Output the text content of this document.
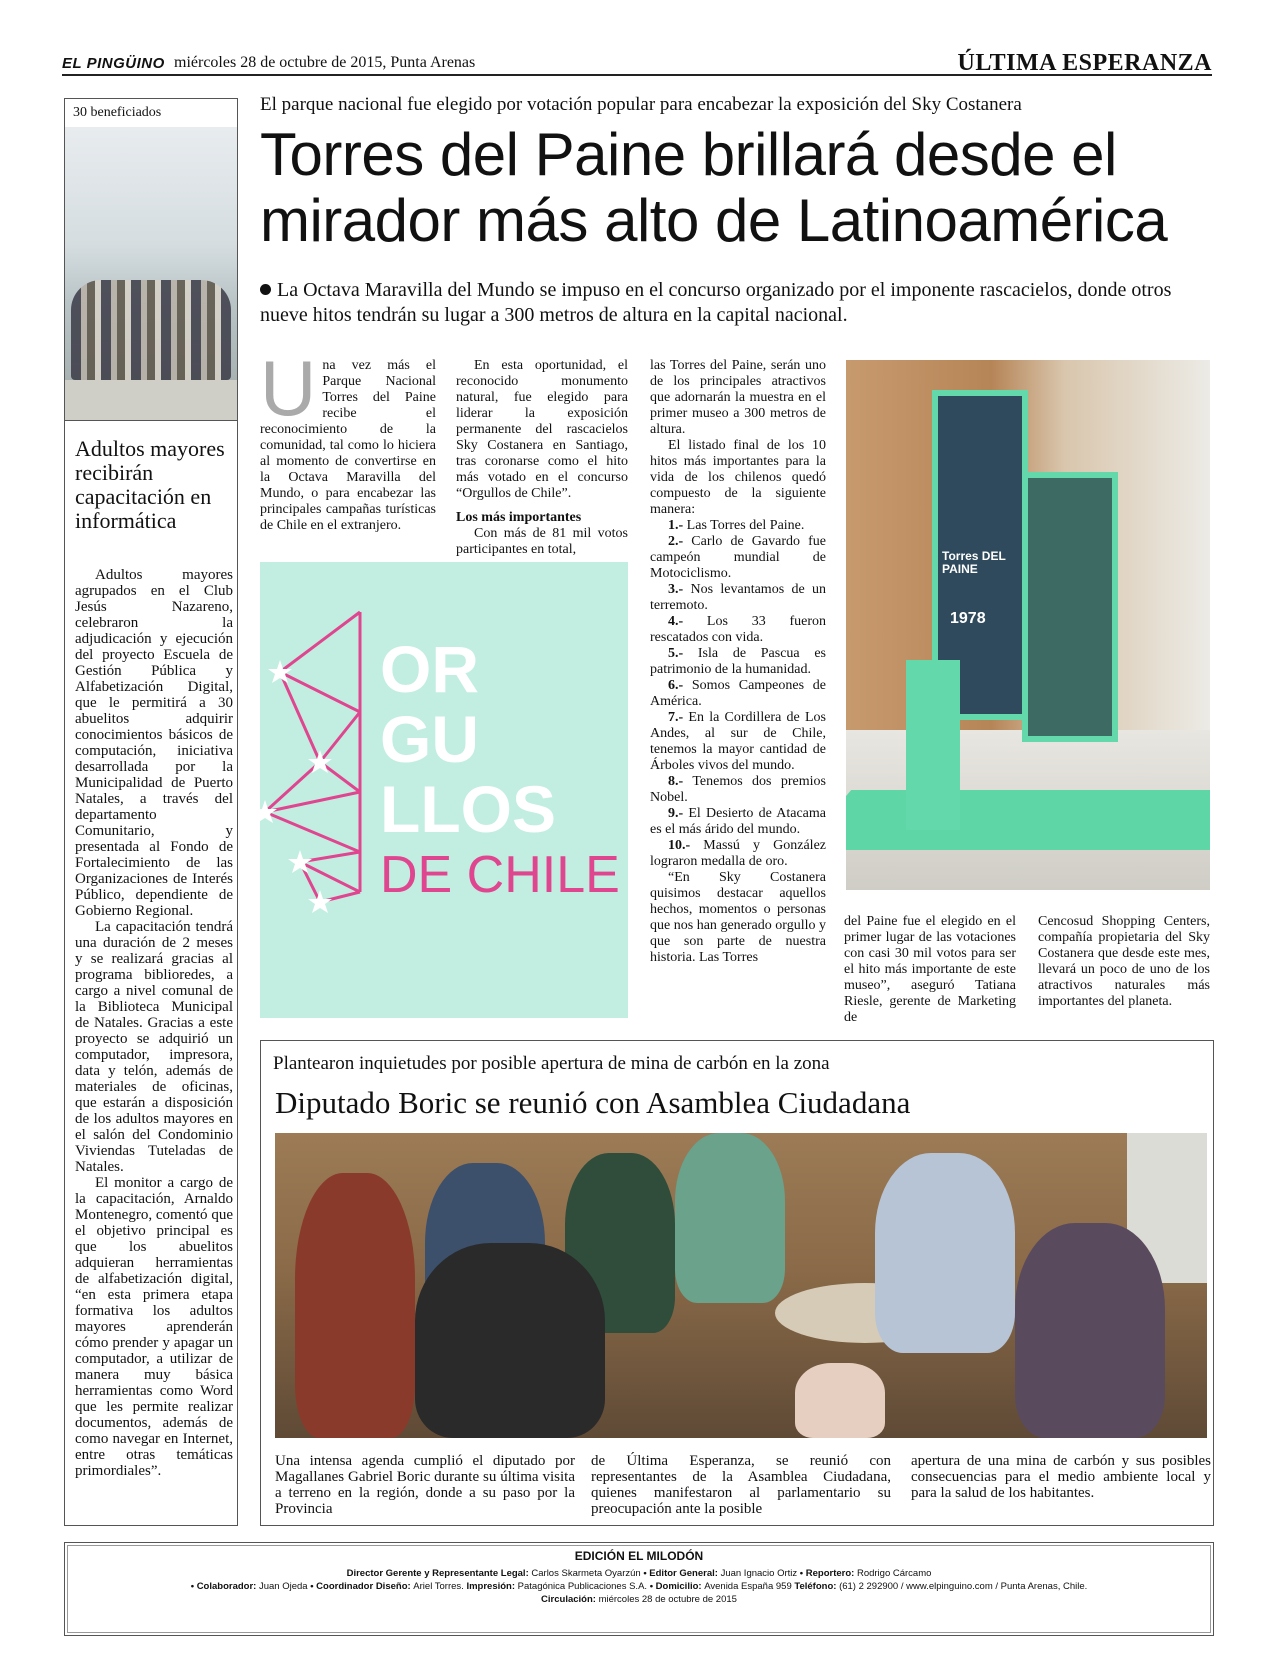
EL PINGÜINO miércoles 28 de octubre de 2015, Punta Arenas	ÚLTIMA ESPERANZA
30 beneficiados
Adultos mayores recibirán capacitación en informática

Adultos mayores agrupados en el Club Jesús Nazareno, celebraron la adjudicación y ejecución del proyecto Escuela de Gestión Pública y Alfabetización Digital, que le permitirá a 30 abuelitos adquirir conocimientos básicos de computación, iniciativa desarrollada por la Municipalidad de Puerto Natales, a través del departamento Comunitario, y presentada al Fondo de Fortalecimiento de las Organizaciones de Interés Público, dependiente de Gobierno Regional.

La capacitación tendrá una duración de 2 meses y se realizará gracias al programa biblioredes, a cargo a nivel comunal de la Biblioteca Municipal de Natales. Gracias a este proyecto se adquirió un computador, impresora, data y telón, además de materiales de oficinas, que estarán a disposición de los adultos mayores en el salón del Condominio Viviendas Tuteladas de Natales.

El monitor a cargo de la capacitación, Arnaldo Montenegro, comentó que el objetivo principal es que los abuelitos adquieran herramientas de alfabetización digital, “en esta primera etapa formativa los adultos mayores aprenderán cómo prender y apagar un computador, a utilizar de manera muy básica herramientas como Word que les permite realizar documentos, además de como navegar en Internet, entre otras temáticas primordiales”.

El parque nacional fue elegido por votación popular para encabezar la exposición del Sky Costanera
Torres del Paine brillará desde el mirador más alto de Latinoamérica
La Octava Maravilla del Mundo se impuso en el concurso organizado por el imponente rascacielos, donde otros nueve hitos tendrán su lugar a 300 metros de altura en la capital nacional.
U na vez más el Parque Nacional Torres del Paine recibe el reconocimiento de la comunidad, tal como lo hiciera al momento de convertirse en la Octava Maravilla del Mundo, o para encabezar las principales campañas turísticas de Chile en el extranjero.

En esta oportunidad, el reconocido monumento natural, fue elegido para liderar la exposición permanente del rascacielos Sky Costanera en Santiago, tras coronarse como el hito más votado en el concurso “Orgullos de Chile”.

Los más importantes

Con más de 81 mil votos participantes en total,

las Torres del Paine, serán uno de los principales atractivos que adornarán la muestra en el primer museo a 300 metros de altura.

El listado final de los 10 hitos más importantes para la vida de los chilenos quedó compuesto de la siguiente manera:

1.- Las Torres del Paine.
2.- Carlo de Gavardo fue campeón mundial de Motociclismo.
3.- Nos levantamos de un terremoto.
4.- Los 33 fueron rescatados con vida.
5.- Isla de Pascua es patrimonio de la humanidad.
6.- Somos Campeones de América.
7.- En la Cordillera de Los Andes, al sur de Chile, tenemos la mayor cantidad de Árboles vivos del mundo.
8.- Tenemos dos premios Nobel.
9.- El Desierto de Atacama es el más árido del mundo.
10.- Massú y González lograron medalla de oro.

“En Sky Costanera quisimos destacar aquellos hechos, momentos o personas que nos han generado orgullo y que son parte de nuestra historia. Las Torres

del Paine fue el elegido en el primer lugar de las votaciones con casi 30 mil votos para ser el hito más importante de este museo”, aseguró Tatiana Riesle, gerente de Marketing de
Cencosud Shopping Centers, compañía propietaria del Sky Costanera que desde este mes, llevará un poco de uno de los atractivos naturales más importantes del planeta.
OR
GU
LLOS
DE CHILE
Torres DEL PAINE
1978
Plantearon inquietudes por posible apertura de mina de carbón en la zona
Diputado Boric se reunió con Asamblea Ciudadana
Una intensa agenda cumplió el diputado por Magallanes Gabriel Boric durante su última visita a terreno en la región, donde a su paso por la Provincia
de Última Esperanza, se reunió con representantes de la Asamblea Ciudadana, quienes manifestaron al parlamentario su preocupación ante la posible
apertura de una mina de carbón y sus posibles consecuencias para el medio ambiente local y para la salud de los habitantes.
EDICIÓN EL MILODÓN
Director Gerente y Representante Legal: Carlos Skarmeta Oyarzún • Editor General: Juan Ignacio Ortiz • Reportero: Rodrigo Cárcamo
• Colaborador: Juan Ojeda • Coordinador Diseño: Ariel Torres. Impresión: Patagónica Publicaciones S.A. • Domicilio: Avenida España 959 Teléfono: (61) 2 292900 / www.elpinguino.com / Punta Arenas, Chile.
Circulación: miércoles 28 de octubre de 2015
